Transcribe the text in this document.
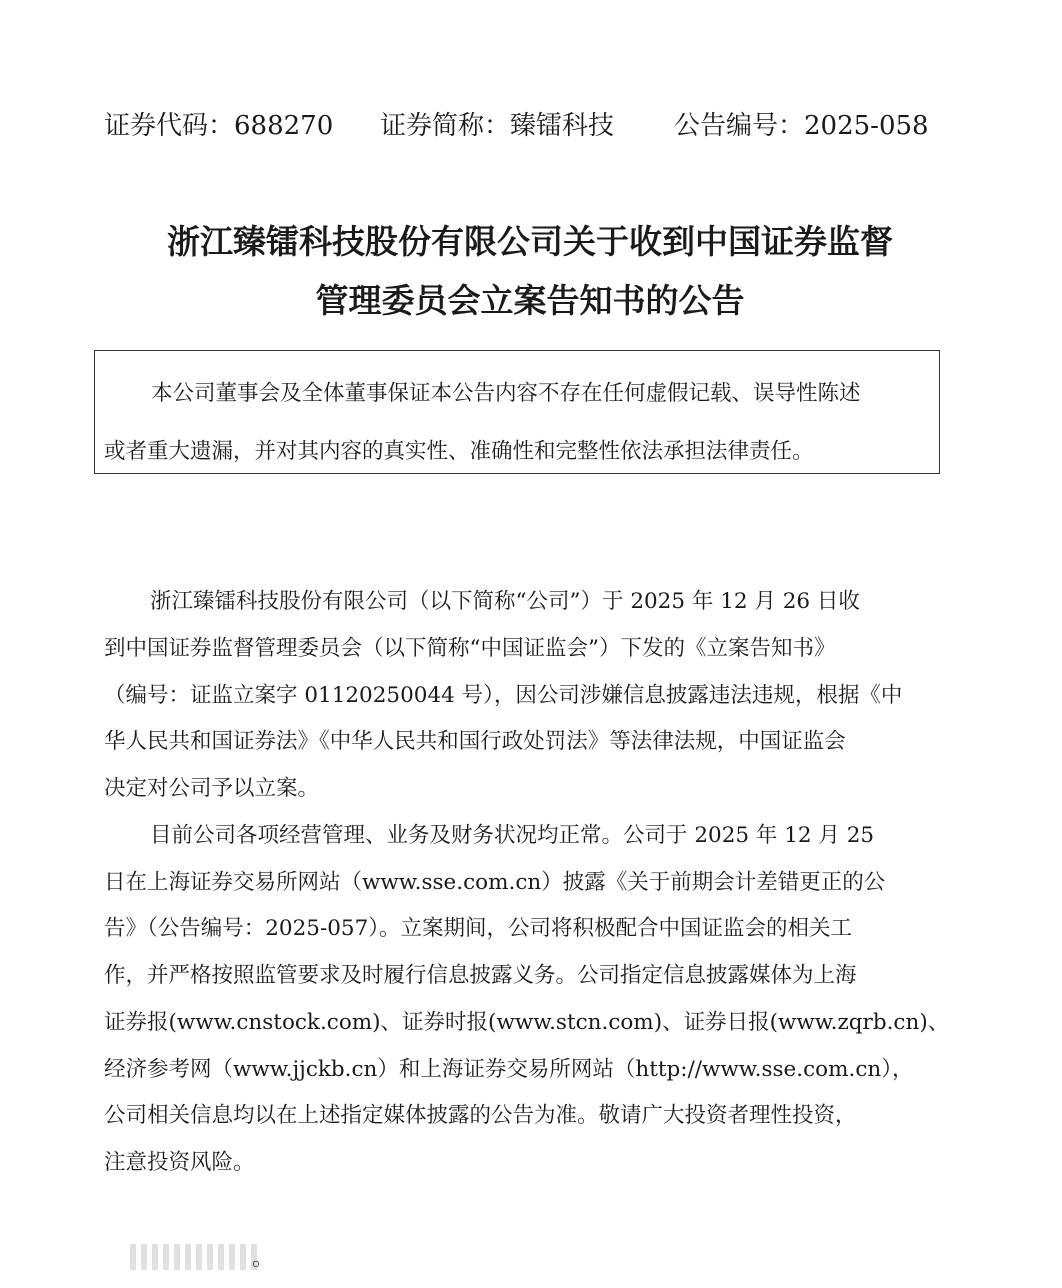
证券代码：688270 证券简称：臻镭科技 公告编号：2025-058
浙江臻镭科技股份有限公司关于收到中国证券监督
管理委员会立案告知书的公告
本公司董事会及全体董事保证本公告内容不存在任何虚假记载、误导性陈述
或者重大遗漏，并对其内容的真实性、准确性和完整性依法承担法律责任。
浙江臻镭科技股份有限公司（以下简称“公司”）于 2025 年 12 月 26 日收
到中国证券监督管理委员会（以下简称“中国证监会”）下发的《立案告知书》
（编号：证监立案字 01120250044 号），因公司涉嫌信息披露违法违规，根据《中
华人民共和国证券法》《中华人民共和国行政处罚法》等法律法规，中国证监会
决定对公司予以立案。
目前公司各项经营管理、业务及财务状况均正常。公司于 2025 年 12 月 25
日在上海证券交易所网站（www.sse.com.cn）披露《关于前期会计差错更正的公
告》（公告编号：2025-057）。立案期间，公司将积极配合中国证监会的相关工
作，并严格按照监管要求及时履行信息披露义务。公司指定信息披露媒体为上海
证券报(www.cnstock.com)、证券时报(www.stcn.com)、证券日报(www.zqrb.cn)、
经济参考网（www.jjckb.cn）和上海证券交易所网站（http://www.sse.com.cn），
公司相关信息均以在上述指定媒体披露的公告为准。敬请广大投资者理性投资，
注意投资风险。
。
